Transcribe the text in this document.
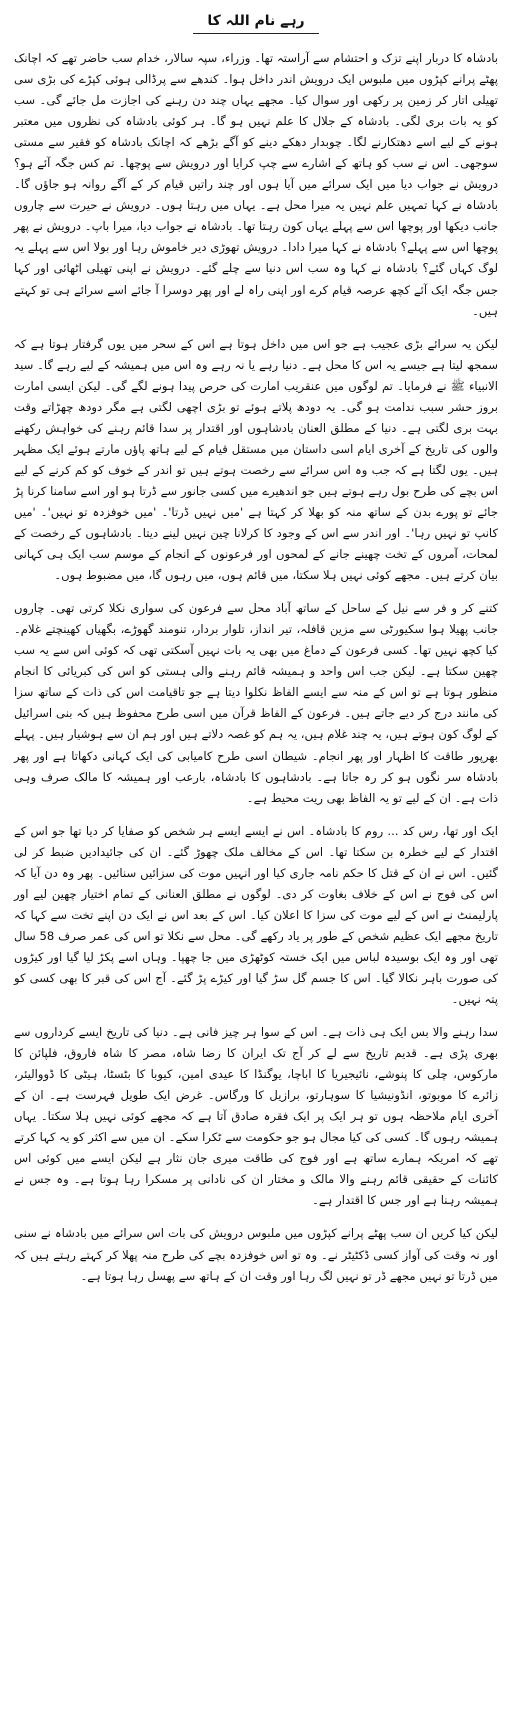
رہے نام اللہ کا

بادشاہ کا دربار اپنے تزک و احتشام سے آراستہ تھا۔ وزراء، سپہ سالار، خدام سب حاضر تھے کہ اچانک پھٹے پرانے کپڑوں میں ملبوس ایک درویش اندر داخل ہوا۔ کندھے سے پرڈالی ہوئی کپڑے کی بڑی سی تھیلی اتار کر زمین پر رکھی اور سوال کیا۔ مجھے یہاں چند دن رہنے کی اجازت مل جائے گی۔ سب کو یہ بات بری لگی۔ بادشاہ کے جلال کا علم نہیں ہو گا۔ ہر کوئی بادشاہ کی نظروں میں معتبر ہونے کے لیے اسے دھتکارنے لگا۔ چوبدار دھکے دینے کو آگے بڑھے کہ اچانک بادشاہ کو فقیر سے مستی سوجھی۔ اس نے سب کو ہاتھ کے اشارے سے چپ کرایا اور درویش سے پوچھا۔ تم کس جگہ آئے ہو؟ درویش نے جواب دیا میں ایک سرائے میں آیا ہوں اور چند راتیں قیام کر کے آگے روانہ ہو جاؤں گا۔ بادشاہ نے کہا تمہیں علم نہیں یہ میرا محل ہے۔ یہاں میں رہتا ہوں۔ درویش نے حیرت سے چاروں جانب دیکھا اور پوچھا اس سے پہلے یہاں کون رہتا تھا۔ بادشاہ نے جواب دیا، میرا باپ۔ درویش نے پھر پوچھا اس سے پہلے؟ بادشاہ نے کہا میرا دادا۔ درویش تھوڑی دیر خاموش رہا اور بولا اس سے پہلے یہ لوگ کہاں گئے؟ بادشاہ نے کہا وہ سب اس دنیا سے چلے گئے۔ درویش نے اپنی تھیلی اٹھائی اور کہا جس جگہ ایک آئے کچھ عرصہ قیام کرے اور اپنی راہ لے اور پھر دوسرا آ جائے اسے سرائے ہی تو کہتے ہیں۔

لیکن یہ سرائے بڑی عجیب ہے جو اس میں داخل ہوتا ہے اس کے سحر میں یوں گرفتار ہوتا ہے کہ سمجھ لیتا ہے جیسے یہ اس کا محل ہے۔ دنیا رہے یا نہ رہے وہ اس میں ہمیشہ کے لیے رہے گا۔ سید الانبیاء ﷺ نے فرمایا۔ تم لوگوں میں عنقریب امارت کی حرص پیدا ہونے لگے گی۔ لیکن ایسی امارت بروز حشر سبب ندامت ہو گی۔ یہ دودھ پلاتے ہوئے تو بڑی اچھی لگتی ہے مگر دودھ چھڑاتے وقت بہت بری لگتی ہے۔ دنیا کے مطلق العنان بادشاہوں اور اقتدار پر سدا قائم رہنے کی خواہش رکھنے والوں کی تاریخ کے آخری ایام اسی داستان میں مستقل قیام کے لیے ہاتھ پاؤں مارتے ہوئے ایک مظہر ہیں۔ یوں لگتا ہے کہ جب وہ اس سرائے سے رخصت ہوتے ہیں تو اندر کے خوف کو کم کرنے کے لیے اس بچے کی طرح بول رہے ہوتے ہیں جو اندھیرے میں کسی جانور سے ڈرتا ہو اور اسے سامنا کرنا پڑ جائے تو پورے بدن کے ساتھ منہ کو بھلا کر کہتا ہے 'میں نہیں ڈرتا'۔ 'میں خوفزدہ تو نہیں'۔ 'میں کانپ تو نہیں رہا'۔ اور اندر سے اس کے وجود کا کرلانا چین نہیں لینے دیتا۔ بادشاہوں کے رخصت کے لمحات، آمروں کے تخت چھینے جانے کے لمحوں اور فرعونوں کے انجام کے موسم سب ایک ہی کہانی بیان کرتے ہیں۔ مجھے کوئی نہیں ہلا سکتا، میں قائم ہوں، میں رہوں گا، میں مضبوط ہوں۔

کتنے کر و فر سے نیل کے ساحل کے ساتھ آباد محل سے فرعون کی سواری نکلا کرتی تھی۔ چاروں جانب پھیلا ہوا سکیورٹی سے مزین قافلہ، تیر انداز، تلوار بردار، تنومند گھوڑے، بگھیاں کھینچتے غلام۔ کیا کچھ نہیں تھا۔ کسی فرعون کے دماغ میں بھی یہ بات نہیں آسکتی تھی کہ کوئی اس سے یہ سب چھین سکتا ہے۔ لیکن جب اس واحد و ہمیشہ قائم رہنے والی ہستی کو اس کی کبریائی کا انجام منظور ہوتا ہے تو اس کے منہ سے ایسے الفاظ نکلوا دیتا ہے جو تاقیامت اس کی ذات کے ساتھ سزا کی مانند درج کر دیے جاتے ہیں۔ فرعون کے الفاظ قرآن میں اسی طرح محفوظ ہیں کہ بنی اسرائیل کے لوگ کون ہوتے ہیں، یہ چند غلام ہیں، یہ ہم کو غصہ دلاتے ہیں اور ہم ان سے ہوشیار ہیں۔ پہلے بھرپور طاقت کا اظہار اور پھر انجام۔ شیطان اسی طرح کامیابی کی ایک کہانی دکھاتا ہے اور پھر بادشاہ سر نگوں ہو کر رہ جاتا ہے۔ بادشاہوں کا بادشاہ، بارعب اور ہمیشہ کا مالک صرف وہی ذات ہے۔ ان کے لیے تو یہ الفاظ بھی ریت محیط ہے۔

ایک اور تھا، رس کد ... روم کا بادشاہ۔ اس نے ایسے ایسے ہر شخص کو صفایا کر دیا تھا جو اس کے اقتدار کے لیے خطرہ بن سکتا تھا۔ اس کے مخالف ملک چھوڑ گئے۔ ان کی جائیدادیں ضبط کر لی گئیں۔ اس نے ان کے قتل کا حکم نامہ جاری کیا اور انہیں موت کی سزائیں سنائیں۔ پھر وہ دن آیا کہ اس کی فوج نے اس کے خلاف بغاوت کر دی۔ لوگوں نے مطلق العنانی کے تمام اختیار چھین لیے اور پارلیمنٹ نے اس کے لیے موت کی سزا کا اعلان کیا۔ اس کے بعد اس نے ایک دن اپنے تخت سے کہا کہ تاریخ مجھے ایک عظیم شخص کے طور پر یاد رکھے گی۔ محل سے نکلا تو اس کی عمر صرف 58 سال تھی اور وہ ایک بوسیدہ لباس میں ایک خستہ کوٹھڑی میں جا چھپا۔ وہاں اسے پکڑ لیا گیا اور کیڑوں کی صورت باہر نکالا گیا۔ اس کا جسم گل سڑ گیا اور کیڑے پڑ گئے۔ آج اس کی قبر کا بھی کسی کو پتہ نہیں۔

سدا رہنے والا بس ایک ہی ذات ہے۔ اس کے سوا ہر چیز فانی ہے۔ دنیا کی تاریخ ایسے کرداروں سے بھری پڑی ہے۔ قدیم تاریخ سے لے کر آج تک ایران کا رضا شاہ، مصر کا شاہ فاروق، فلپائن کا مارکوس، چلی کا پنوشے، نائیجیریا کا اباچا، یوگنڈا کا عیدی امین، کیوبا کا بٹسٹا، ہیٹی کا ڈووالیئر، زائرے کا موبوتو، انڈونیشیا کا سوہارتو، برازیل کا ورگاس۔ غرض ایک طویل فہرست ہے۔ ان کے آخری ایام ملاحظہ ہوں تو ہر ایک پر ایک فقرہ صادق آتا ہے کہ مجھے کوئی نہیں ہلا سکتا۔ یہاں ہمیشہ رہوں گا۔ کسی کی کیا مجال ہو جو حکومت سے ٹکرا سکے۔ ان میں سے اکثر کو یہ کہا کرتے تھے کہ امریکہ ہمارے ساتھ ہے اور فوج کی طاقت میری جان نثار ہے لیکن ایسے میں کوئی اس کائنات کے حقیقی قائم رہنے والا مالک و مختار ان کی نادانی پر مسکرا رہا ہوتا ہے۔ وہ جس نے ہمیشہ رہنا ہے اور جس کا اقتدار ہے۔

لیکن کیا کریں ان سب پھٹے پرانے کپڑوں میں ملبوس درویش کی بات اس سرائے میں بادشاہ نے سنی اور نہ وقت کی آواز کسی ڈکٹیٹر نے۔ وہ تو اس خوفزدہ بچے کی طرح منہ پھلا کر کہتے رہتے ہیں کہ میں ڈرتا تو نہیں مجھے ڈر تو نہیں لگ رہا اور وقت ان کے ہاتھ سے پھسل رہا ہوتا ہے۔
